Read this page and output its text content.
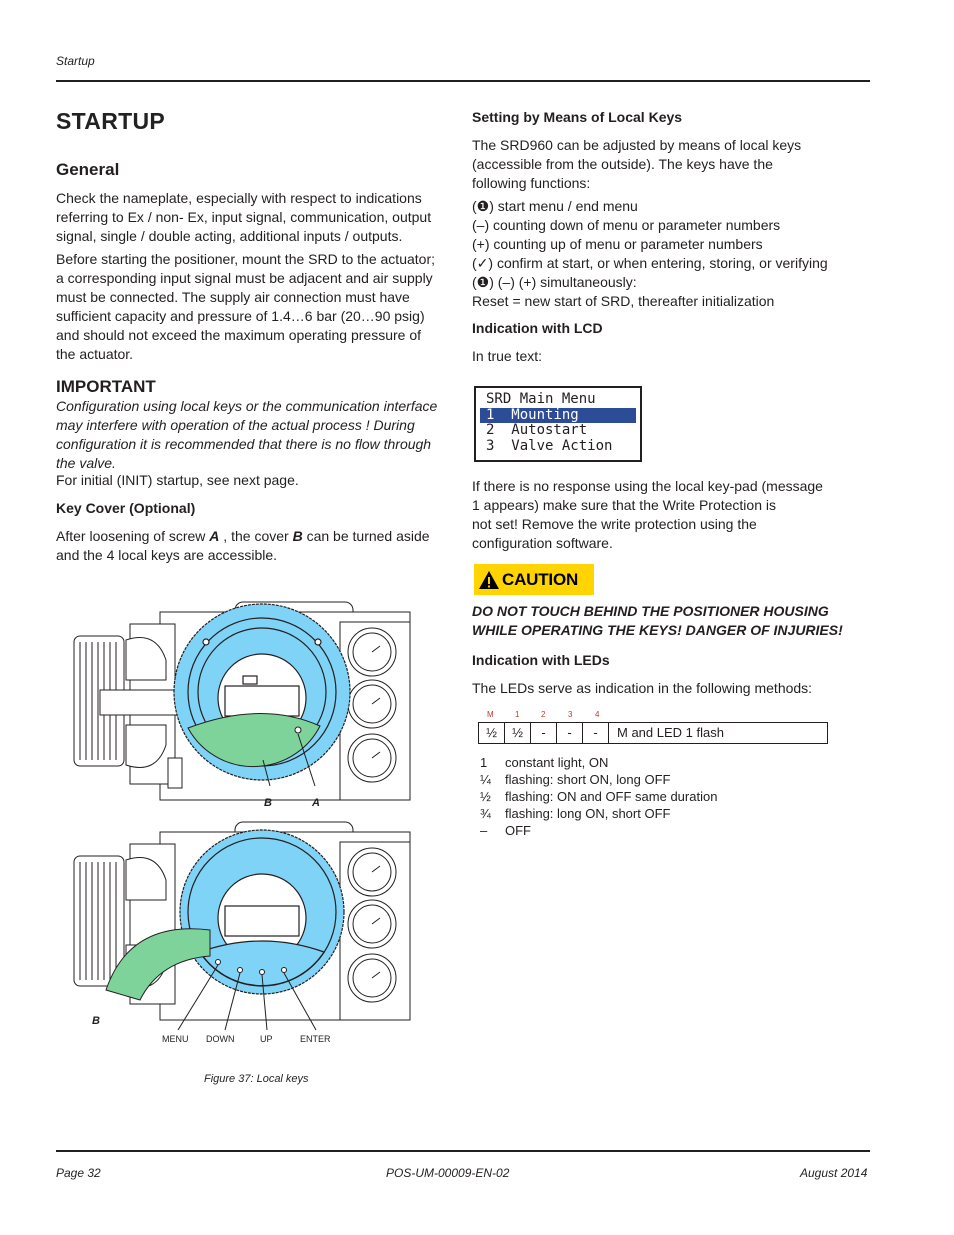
Startup
STARTUP
General
Check the nameplate, especially with respect to indications
referring to Ex / non- Ex, input signal, communication, output
signal, single / double acting, additional inputs / outputs.
Before starting the positioner, mount the SRD to the actuator;
a corresponding input signal must be adjacent and air supply
must be connected. The supply air connection must have
sufficient capacity and pressure of 1.4…6 bar (20…90 psig)
and should not exceed the maximum operating pressure of
the actuator.
IMPORTANT
Configuration using local keys or the communication interface
may interfere with operation of the actual process ! During
configuration it is recommended that there is no flow through
the valve.
For initial (INIT) startup, see next page.
Key Cover (Optional)
After loosening of screw A , the cover B can be turned aside
and the 4 local keys are accessible.
B	A
B
MENU DOWN	UP	ENTER
Figure 37: Local keys
Setting by Means of Local Keys
The SRD960 can be adjusted by means of local keys
(accessible from the outside). The keys have the
following functions:
(❶) start menu / end menu
(–) counting down of menu or parameter numbers
(+) counting up of menu or parameter numbers
(✓) confirm at start, or when entering, storing, or verifying
(❶) (–) (+) simultaneously:
Reset = new start of SRD, thereafter initialization
Indication with LCD
In true text:
SRD Main Menu
1  Mounting
2  Autostart
3  Valve Action
If there is no response using the local key-pad (message
1 appears) make sure that the Write Protection is
not set! Remove the write protection using the
configuration software.
CAUTION
DO NOT TOUCH BEHIND THE POSITIONER HOUSING
WHILE OPERATING THE KEYS! DANGER OF INJURIES!
Indication with LEDs
The LEDs serve as indication in the following methods:
M	1	2	3	4
½	½	-	-	-	M and LED 1 flash
1	constant light, ON
¼	flashing: short ON, long OFF
½	flashing: ON and OFF same duration
¾	flashing: long ON, short OFF
–	OFF
Page 32	POS-UM-00009-EN-02	August 2014
